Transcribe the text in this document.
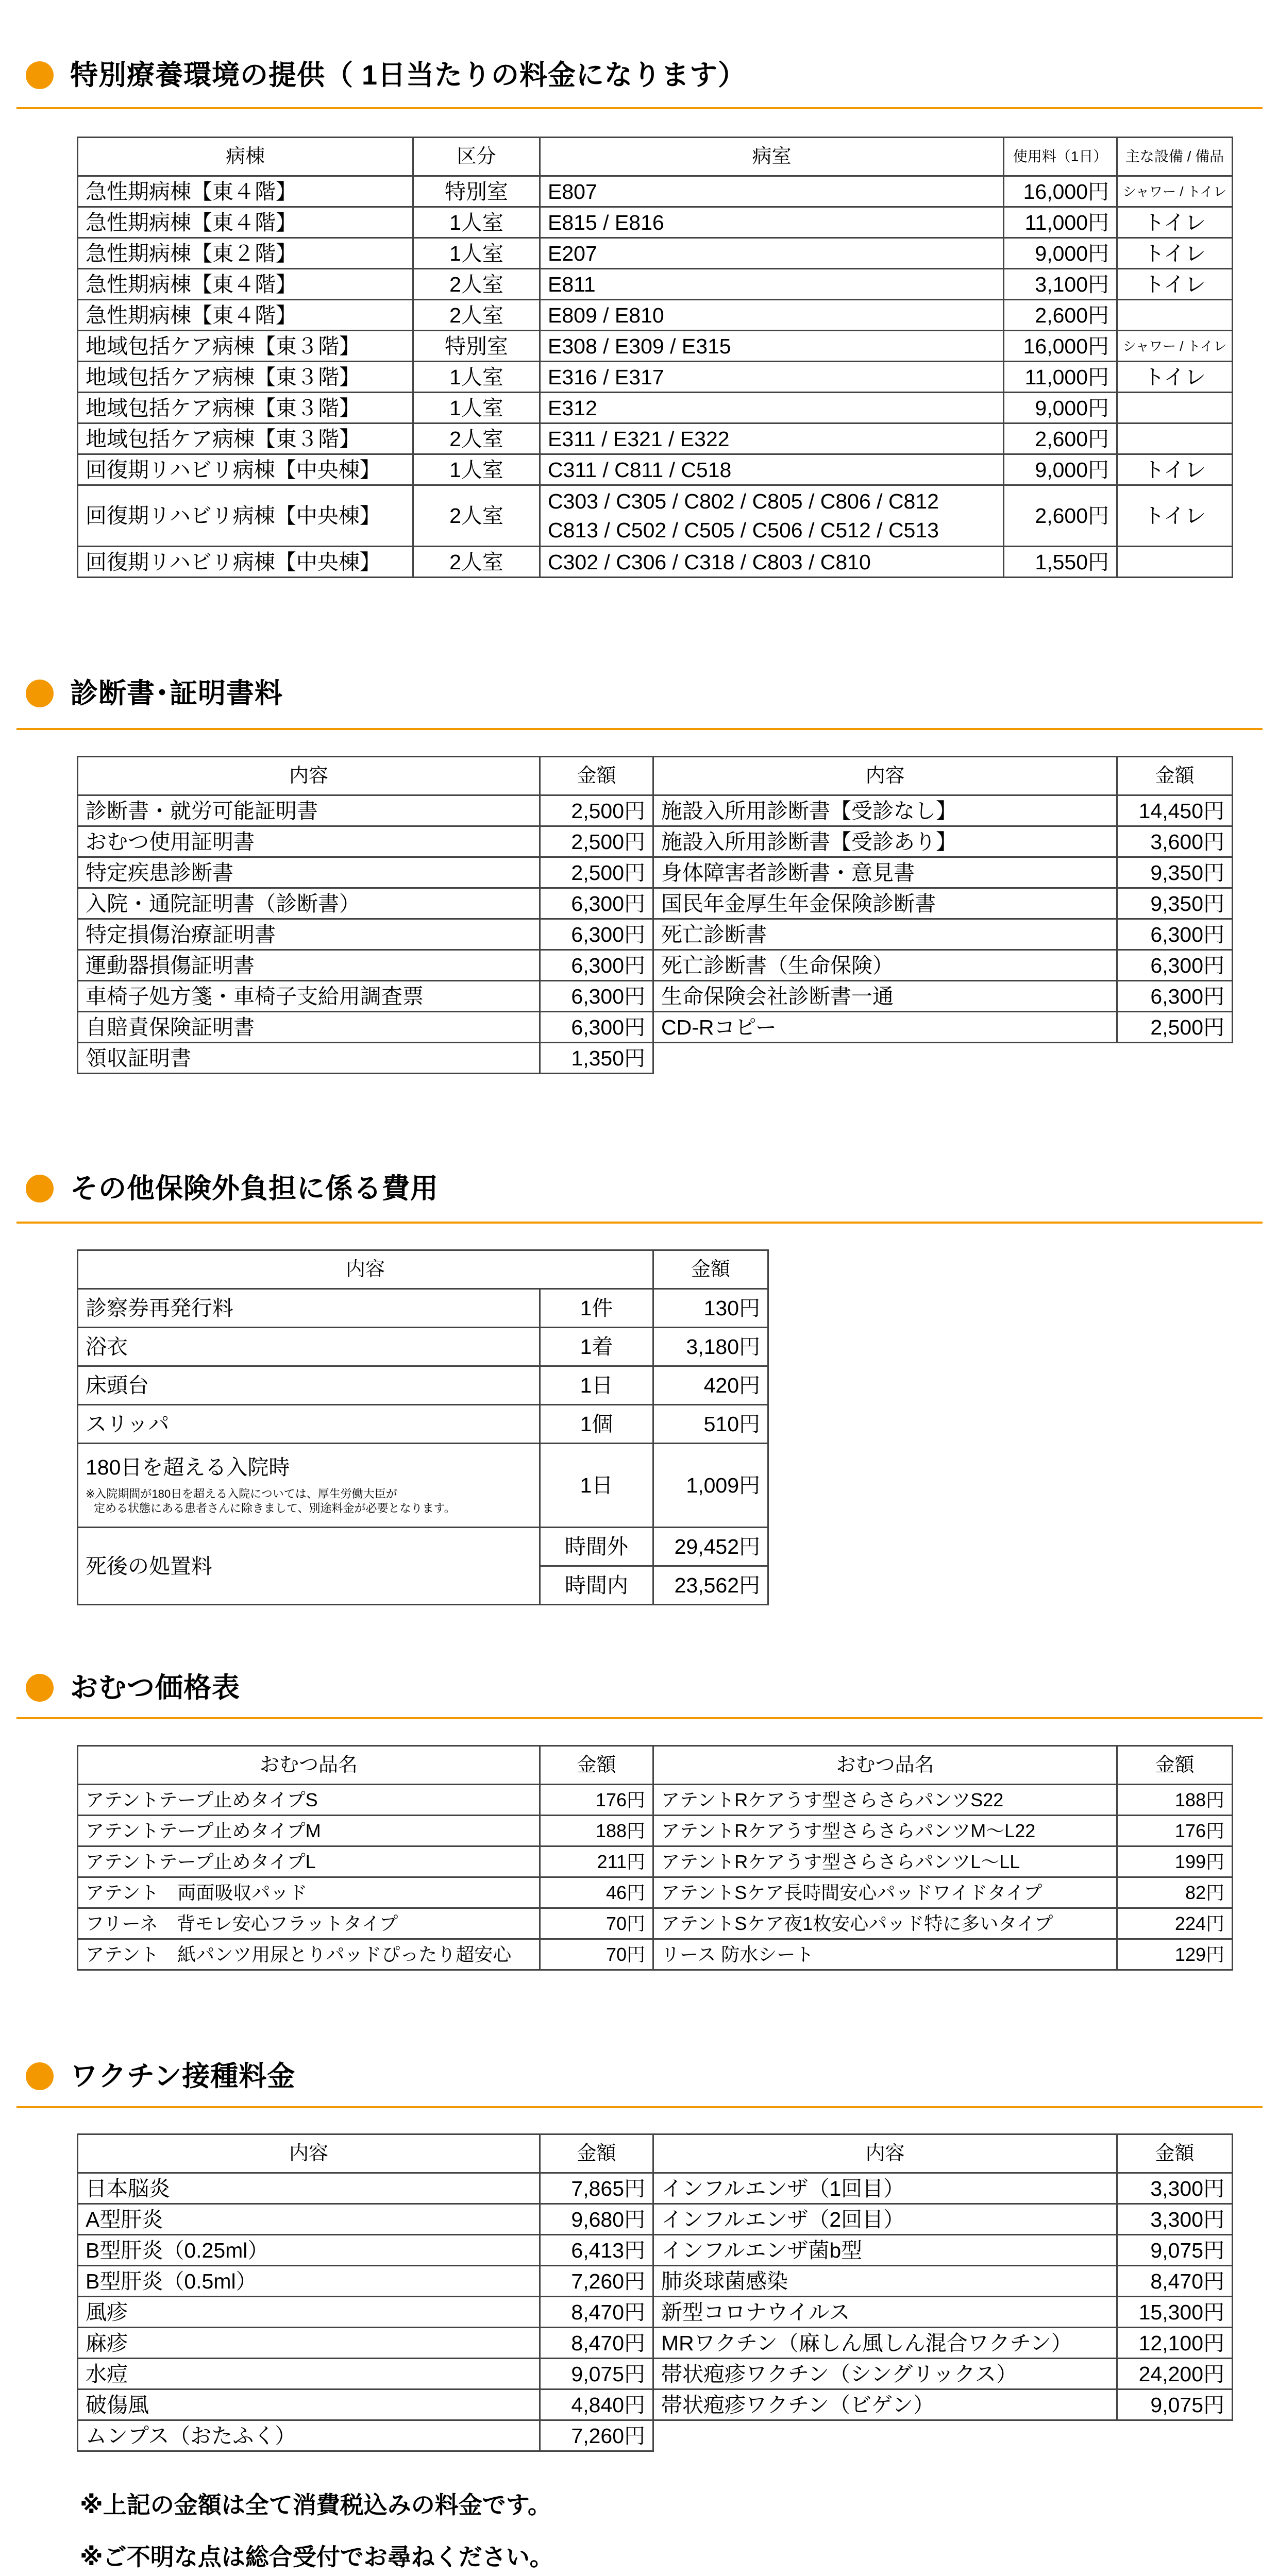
特別療養環境の提供（ 1日当たりの料金になります）
病棟	区分	病室	使用料（1日）	主な設備 / 備品
急性期病棟【東４階】	特別室	E807	16,000円	シャワー / トイレ
急性期病棟【東４階】	1人室	E815 / E816	11,000円	トイレ
急性期病棟【東２階】	1人室	E207	9,000円	トイレ
急性期病棟【東４階】	2人室	E811	3,100円	トイレ
急性期病棟【東４階】	2人室	E809 / E810	2,600円	
地域包括ケア病棟【東３階】	特別室	E308 / E309 / E315	16,000円	シャワー / トイレ
地域包括ケア病棟【東３階】	1人室	E316 / E317	11,000円	トイレ
地域包括ケア病棟【東３階】	1人室	E312	9,000円	
地域包括ケア病棟【東３階】	2人室	E311 / E321 / E322	2,600円	
回復期リハビリ病棟【中央棟】	1人室	C311 / C811 / C518	9,000円	トイレ
回復期リハビリ病棟【中央棟】	2人室	C303 / C305 / C802 / C805 / C806 / C812
C813 / C502 / C505 / C506 / C512 / C513	2,600円	トイレ
回復期リハビリ病棟【中央棟】	2人室	C302 / C306 / C318 / C803 / C810	1,550円	
診断書･証明書料
内容	金額	内容	金額
診断書・就労可能証明書	2,500円	施設入所用診断書【受診なし】	14,450円
おむつ使用証明書	2,500円	施設入所用診断書【受診あり】	3,600円
特定疾患診断書	2,500円	身体障害者診断書・意見書	9,350円
入院・通院証明書（診断書）	6,300円	国民年金厚生年金保険診断書	9,350円
特定損傷治療証明書	6,300円	死亡診断書	6,300円
運動器損傷証明書	6,300円	死亡診断書（生命保険）	6,300円
車椅子処方箋・車椅子支給用調査票	6,300円	生命保険会社診断書一通	6,300円
自賠責保険証明書	6,300円	CD-Rコピー	2,500円
領収証明書	1,350円		
その他保険外負担に係る費用
内容		金額
診察券再発行料	1件	130円
浴衣	1着	3,180円
床頭台	1日	420円
スリッパ	1個	510円

180日を超える入院時
※入院期間が180日を超える入院については、厚生労働大臣が
定める状態にある患者さんに除きまして、別途料金が必要となります。	1日	1,009円
死後の処置料	時間外	29,452円
	時間内	23,562円
おむつ価格表
おむつ品名	金額	おむつ品名	金額
アテントテープ止めタイプS	176円	アテントRケアうす型さらさらパンツS22	188円
アテントテープ止めタイプM	188円	アテントRケアうす型さらさらパンツM～L22	176円
アテントテープ止めタイプL	211円	アテントRケアうす型さらさらパンツL～LL	199円
アテント　両面吸収パッド	46円	アテントSケア長時間安心パッドワイドタイプ	82円
フリーネ　背モレ安心フラットタイプ	70円	アテントSケア夜1枚安心パッド特に多いタイプ	224円
アテント　紙パンツ用尿とりパッドぴったり超安心	70円	リース 防水シート	129円
ワクチン接種料金
内容	金額	内容	金額
日本脳炎	7,865円	インフルエンザ（1回目）	3,300円
A型肝炎	9,680円	インフルエンザ（2回目）	3,300円
B型肝炎（0.25ml）	6,413円	インフルエンザ菌b型	9,075円
B型肝炎（0.5ml）	7,260円	肺炎球菌感染	8,470円
風疹	8,470円	新型コロナウイルス	15,300円
麻疹	8,470円	MRワクチン（麻しん風しん混合ワクチン）	12,100円
水痘	9,075円	帯状疱疹ワクチン（シングリックス）	24,200円
破傷風	4,840円	帯状疱疹ワクチン（ビゲン）	9,075円
ムンプス（おたふく）	7,260円		
※上記の金額は全て消費税込みの料金です。
※ご不明な点は総合受付でお尋ねください。
